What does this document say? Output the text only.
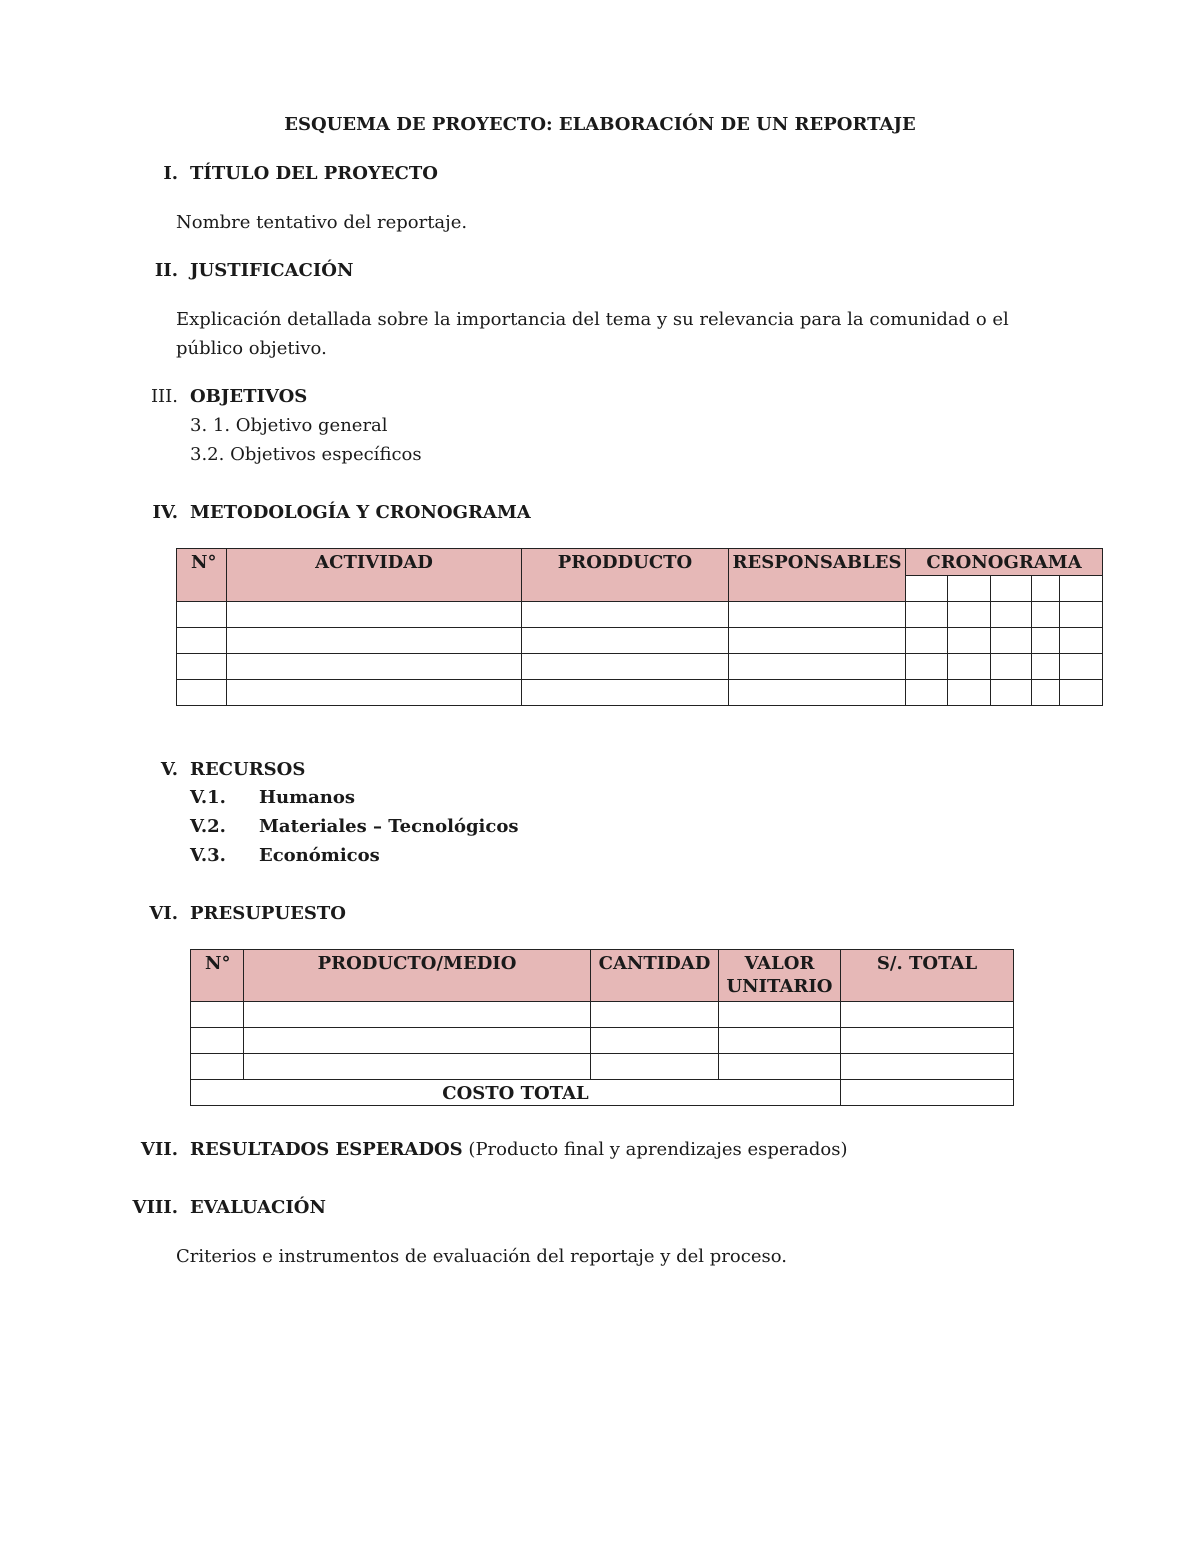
ESQUEMA DE PROYECTO: ELABORACIÓN DE UN REPORTAJE
I. TÍTULO DEL PROYECTO
Nombre tentativo del reportaje.
II. JUSTIFICACIÓN
Explicación detallada sobre la importancia del tema y su relevancia para la comunidad o el
público objetivo.
III. OBJETIVOS
3. 1. Objetivo general
3.2. Objetivos específicos
IV. METODOLOGÍA Y CRONOGRAMA
N°	ACTIVIDAD	PRODDUCTO	RESPONSABLES	CRONOGRAMA				

V. RECURSOS
V.1. Humanos
V.2. Materiales – Tecnológicos
V.3. Económicos
VI. PRESUPUESTO
N°	PRODUCTO/MEDIO	CANTIDAD	VALOR UNITARIO	S/. TOTAL

COSTO TOTAL				
VII. RESULTADOS ESPERADOS (Producto final y aprendizajes esperados)
VIII. EVALUACIÓN
Criterios e instrumentos de evaluación del reportaje y del proceso.
